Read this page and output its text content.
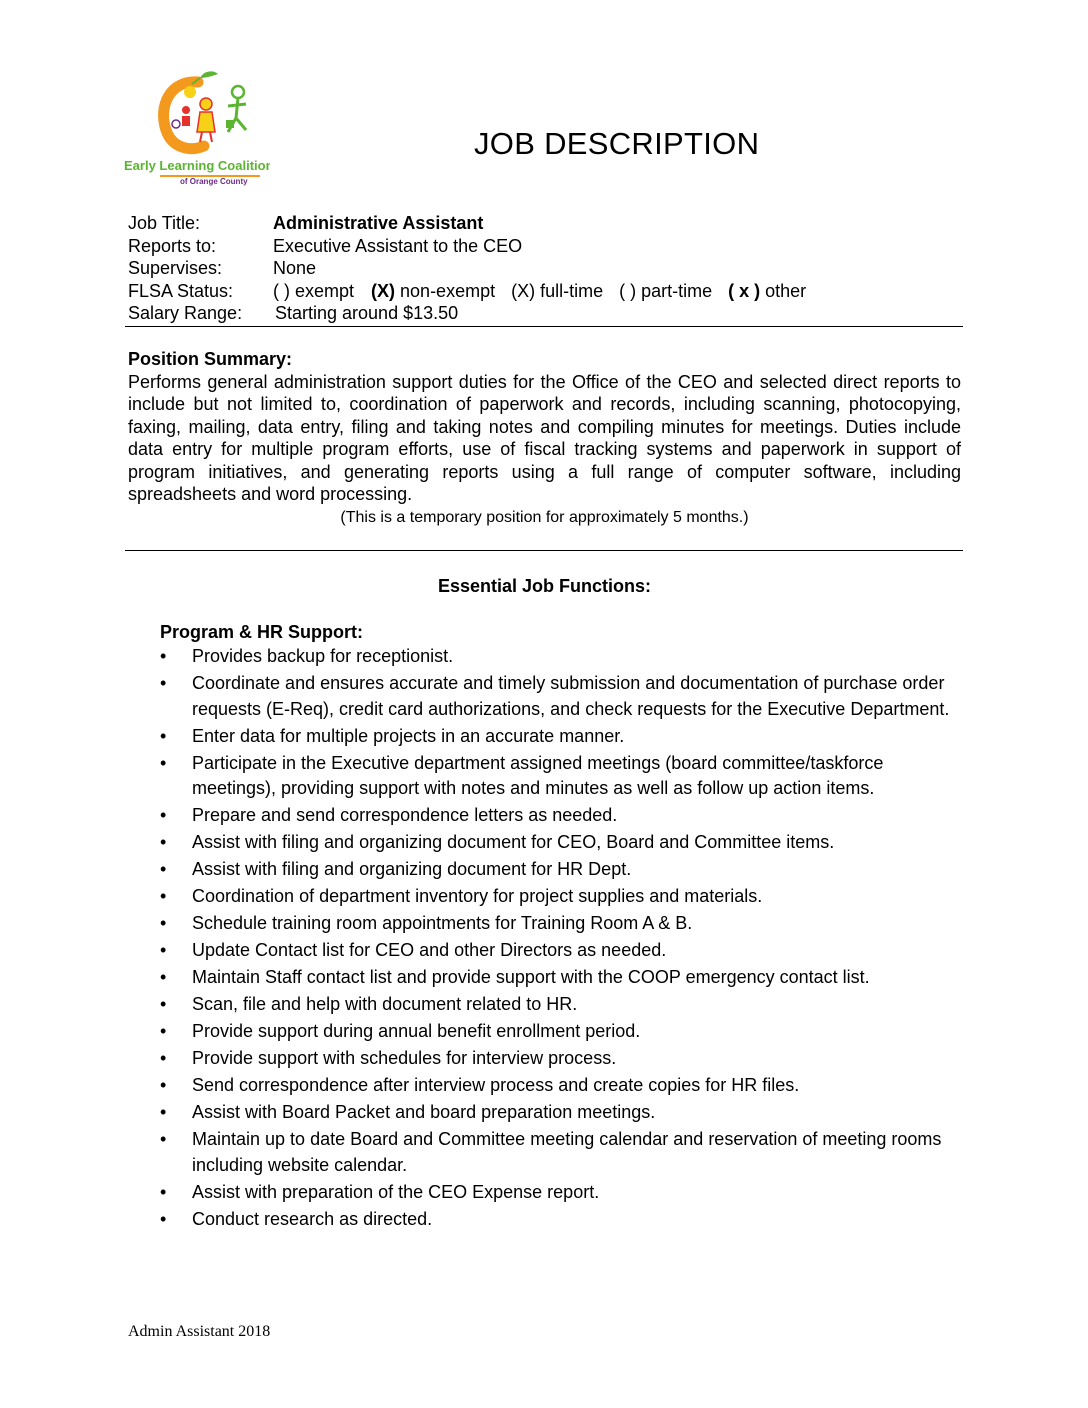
Early Learning Coalition
of Orange County
JOB DESCRIPTION
Job Title:	Administrative Assistant
Reports to:	Executive Assistant to the CEO
Supervises:	None
FLSA Status:	( ) exempt (X) non-exempt (X) full-time ( ) part-time ( x ) other
Salary Range:	Starting around $13.50
Position Summary:
Performs general administration support duties for the Office of the CEO and selected direct reports to include but not limited to, coordination of paperwork and records, including scanning, photocopying, faxing, mailing, data entry, filing and taking notes and compiling minutes for meetings. Duties include data entry for multiple program efforts, use of fiscal tracking systems and paperwork in support of program initiatives, and generating reports using a full range of computer software, including spreadsheets and word processing.
(This is a temporary position for approximately 5 months.)
Essential Job Functions:
Program & HR Support:
•	Provides backup for receptionist.
•	Coordinate and ensures accurate and timely submission and documentation of purchase order requests (E-Req), credit card authorizations, and check requests for the Executive Department.
•	Enter data for multiple projects in an accurate manner.
•	Participate in the Executive department assigned meetings (board committee/taskforce meetings), providing support with notes and minutes as well as follow up action items.
•	Prepare and send correspondence letters as needed.
•	Assist with filing and organizing document for CEO, Board and Committee items.
•	Assist with filing and organizing document for HR Dept.
•	Coordination of department inventory for project supplies and materials.
•	Schedule training room appointments for Training Room A & B.
•	Update Contact list for CEO and other Directors as needed.
•	Maintain Staff contact list and provide support with the COOP emergency contact list.
•	Scan, file and help with document related to HR.
•	Provide support during annual benefit enrollment period.
•	Provide support with schedules for interview process.
•	Send correspondence after interview process and create copies for HR files.
•	Assist with Board Packet and board preparation meetings.
•	Maintain up to date Board and Committee meeting calendar and reservation of meeting rooms including website calendar.
•	Assist with preparation of the CEO Expense report.
•	Conduct research as directed.
Admin Assistant 2018
